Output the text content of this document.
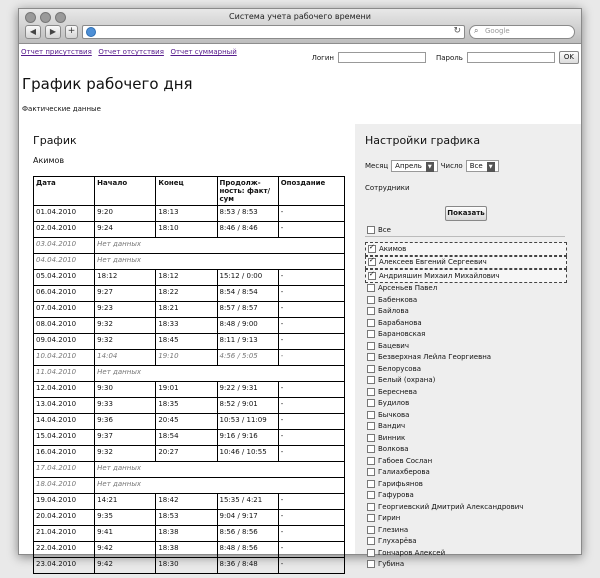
Система учета рабочего времени
◀	▶	+	↻ ⌕ Google
Отчет присутствия Отчет отсутствия Отчет суммарный
Логин	Пароль	OK
График рабочего дня
Фактические данные
График
Акимов
Дата	Начало	Конец	Продолж-ность: факт/сум	Опоздание
01.04.2010	9:20	18:13	8:53 / 8:53	-
02.04.2010	9:24	18:10	8:46 / 8:46	-
03.04.2010	Нет данных			
04.04.2010	Нет данных			
05.04.2010	18:12	18:12	15:12 / 0:00	-
06.04.2010	9:27	18:22	8:54 / 8:54	-
07.04.2010	9:23	18:21	8:57 / 8:57	-
08.04.2010	9:32	18:33	8:48 / 9:00	-
09.04.2010	9:32	18:45	8:11 / 9:13	-
10.04.2010	14:04	19:10	4:56 / 5:05	-
11.04.2010	Нет данных			
12.04.2010	9:30	19:01	9:22 / 9:31	-
13.04.2010	9:33	18:35	8:52 / 9:01	-
14.04.2010	9:36	20:45	10:53 / 11:09	-
15.04.2010	9:37	18:54	9:16 / 9:16	-
16.04.2010	9:32	20:27	10:46 / 10:55	-
17.04.2010	Нет данных			
18.04.2010	Нет данных			
19.04.2010	14:21	18:42	15:35 / 4:21	-
20.04.2010	9:35	18:53	9:04 / 9:17	-
21.04.2010	9:41	18:38	8:56 / 8:56	-
22.04.2010	9:42	18:38	8:48 / 8:56	-
23.04.2010	9:42	18:30	8:36 / 8:48	-
Настройки графика
Месяц	Апрель ▼	Число	Все ▼
Сотрудники
Показать
Все
✓
Акимов
✓
Алексеев Евгений Сергеевич
✓
Андрияшин Михаил Михайлович
Арсеньев Павел
Бабенкова
Байлова
Барабанова
Барановская
Бацевич
Безверхная Лейла Георгиевна
Белорусова
Белый (охрана)
Береснева
Будилов
Бычкова
Вандич
Винник
Волкова
Габоев Сослан
Галиахберова
Гарифьянов
Гафурова
Георгиевский Дмитрий Александрович
Гирин
Глезина
Глухарёва
Гончаров Алексей
Губина
